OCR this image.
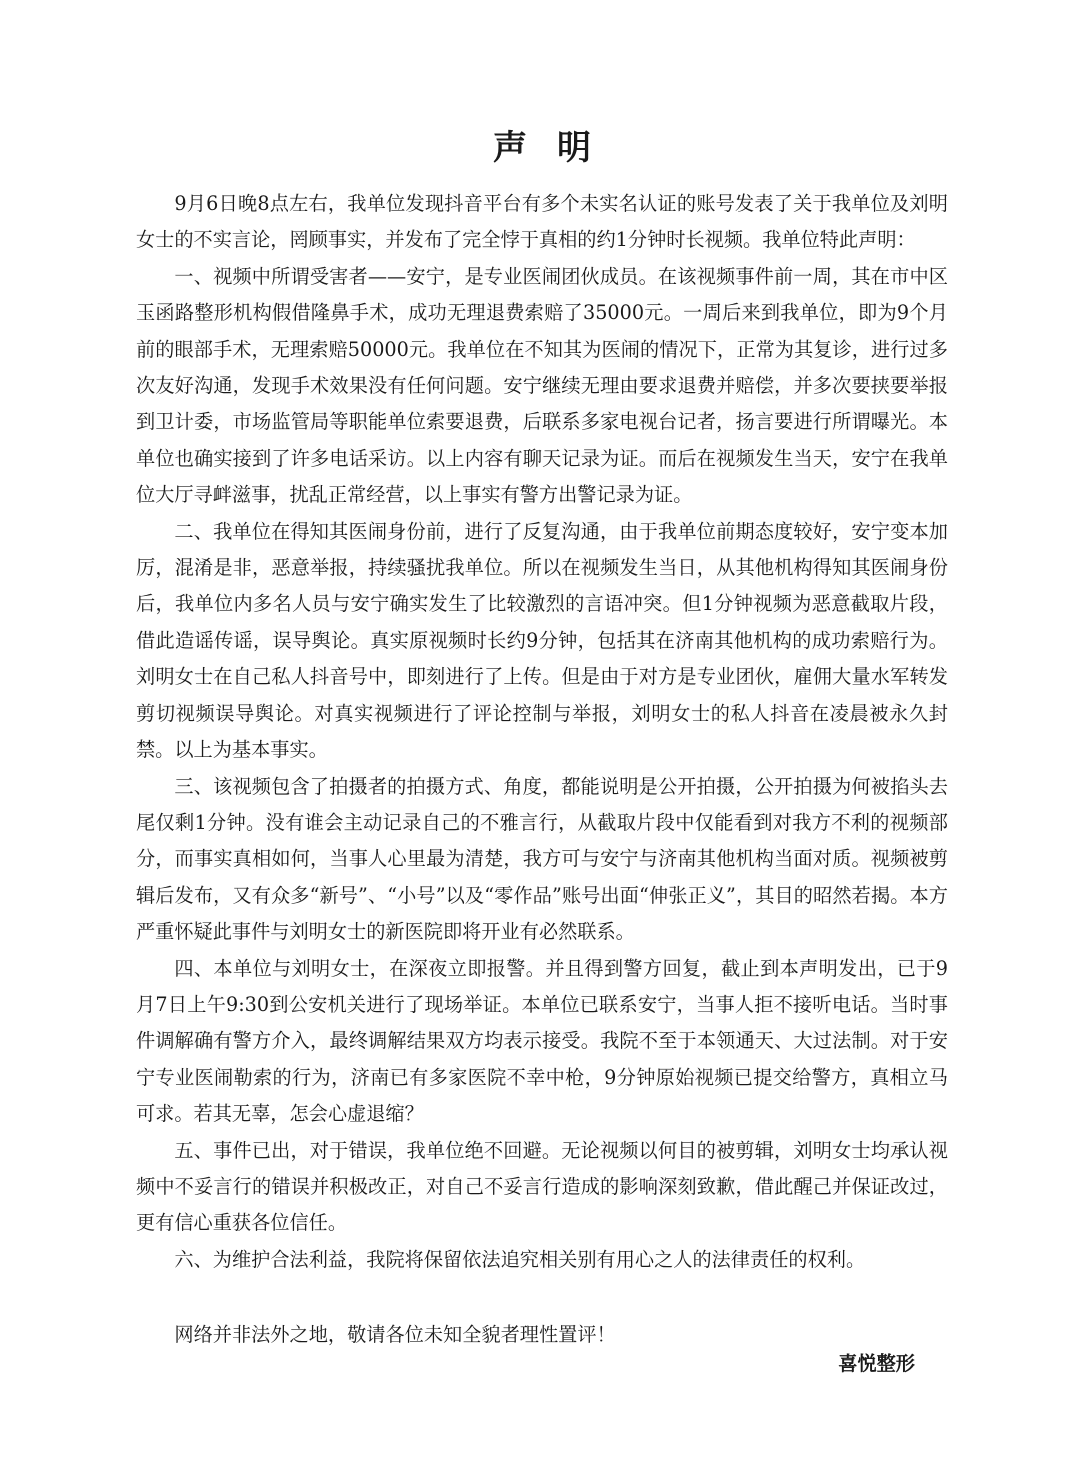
声明

9月6日晚8点左右，我单位发现抖音平台有多个未实名认证的账号发表了关于我单位及刘明女士的不实言论，罔顾事实，并发布了完全悖于真相的约1分钟时长视频。我单位特此声明：

一、视频中所谓受害者——安宁，是专业医闹团伙成员。在该视频事件前一周，其在市中区玉函路整形机构假借隆鼻手术，成功无理退费索赔了35000元。一周后来到我单位，即为9个月前的眼部手术，无理索赔50000元。我单位在不知其为医闹的情况下，正常为其复诊，进行过多次友好沟通，发现手术效果没有任何问题。安宁继续无理由要求退费并赔偿，并多次要挟要举报到卫计委，市场监管局等职能单位索要退费，后联系多家电视台记者，扬言要进行所谓曝光。本单位也确实接到了许多电话采访。以上内容有聊天记录为证。而后在视频发生当天，安宁在我单位大厅寻衅滋事，扰乱正常经营，以上事实有警方出警记录为证。

二、我单位在得知其医闹身份前，进行了反复沟通，由于我单位前期态度较好，安宁变本加厉，混淆是非，恶意举报，持续骚扰我单位。所以在视频发生当日，从其他机构得知其医闹身份后，我单位内多名人员与安宁确实发生了比较激烈的言语冲突。但1分钟视频为恶意截取片段，借此造谣传谣，误导舆论。真实原视频时长约9分钟，包括其在济南其他机构的成功索赔行为。刘明女士在自己私人抖音号中，即刻进行了上传。但是由于对方是专业团伙，雇佣大量水军转发剪切视频误导舆论。对真实视频进行了评论控制与举报，刘明女士的私人抖音在凌晨被永久封禁。以上为基本事实。

三、该视频包含了拍摄者的拍摄方式、角度，都能说明是公开拍摄，公开拍摄为何被掐头去尾仅剩1分钟。没有谁会主动记录自己的不雅言行，从截取片段中仅能看到对我方不利的视频部分，而事实真相如何，当事人心里最为清楚，我方可与安宁与济南其他机构当面对质。视频被剪辑后发布，又有众多“新号”、“小号”以及“零作品”账号出面“伸张正义”，其目的昭然若揭。本方严重怀疑此事件与刘明女士的新医院即将开业有必然联系。

四、本单位与刘明女士，在深夜立即报警。并且得到警方回复，截止到本声明发出，已于9月7日上午9:30到公安机关进行了现场举证。本单位已联系安宁，当事人拒不接听电话。当时事件调解确有警方介入，最终调解结果双方均表示接受。我院不至于本领通天、大过法制。对于安宁专业医闹勒索的行为，济南已有多家医院不幸中枪，9分钟原始视频已提交给警方，真相立马可求。若其无辜，怎会心虚退缩？

五、事件已出，对于错误，我单位绝不回避。无论视频以何目的被剪辑，刘明女士均承认视频中不妥言行的错误并积极改正，对自己不妥言行造成的影响深刻致歉，借此醒己并保证改过，更有信心重获各位信任。

六、为维护合法利益，我院将保留依法追究相关别有用心之人的法律责任的权利。

网络并非法外之地，敬请各位未知全貌者理性置评！

喜悦整形
